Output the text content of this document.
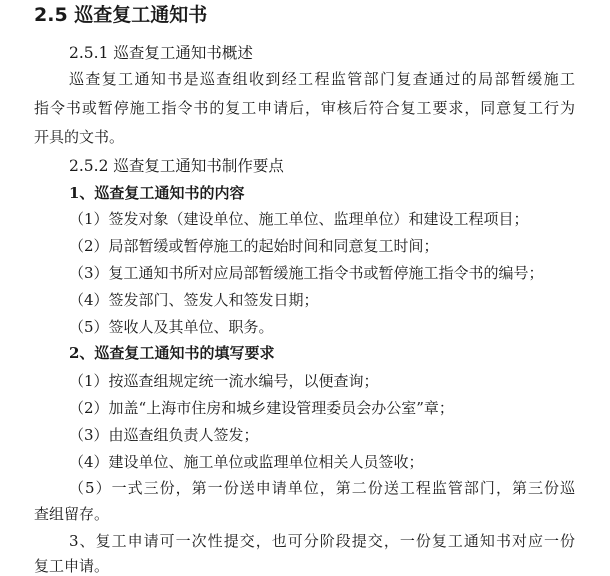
2.5 巡查复工通知书
2.5.1 巡查复工通知书概述
巡查复工通知书是巡查组收到经工程监管部门复查通过的局部暂缓施工
指令书或暂停施工指令书的复工申请后，审核后符合复工要求，同意复工行为
开具的文书。
2.5.2 巡查复工通知书制作要点
1、巡查复工通知书的内容
（1）签发对象（建设单位、施工单位、监理单位）和建设工程项目；
（2）局部暂缓或暂停施工的起始时间和同意复工时间；
（3）复工通知书所对应局部暂缓施工指令书或暂停施工指令书的编号；
（4）签发部门、签发人和签发日期；
（5）签收人及其单位、职务。
2、巡查复工通知书的填写要求
（1）按巡查组规定统一流水编号，以便查询；
（2）加盖“上海市住房和城乡建设管理委员会办公室”章；
（3）由巡查组负责人签发；
（4）建设单位、施工单位或监理单位相关人员签收；
（5）一式三份，第一份送申请单位，第二份送工程监管部门，第三份巡
查组留存。
3、复工申请可一次性提交，也可分阶段提交，一份复工通知书对应一份
复工申请。
